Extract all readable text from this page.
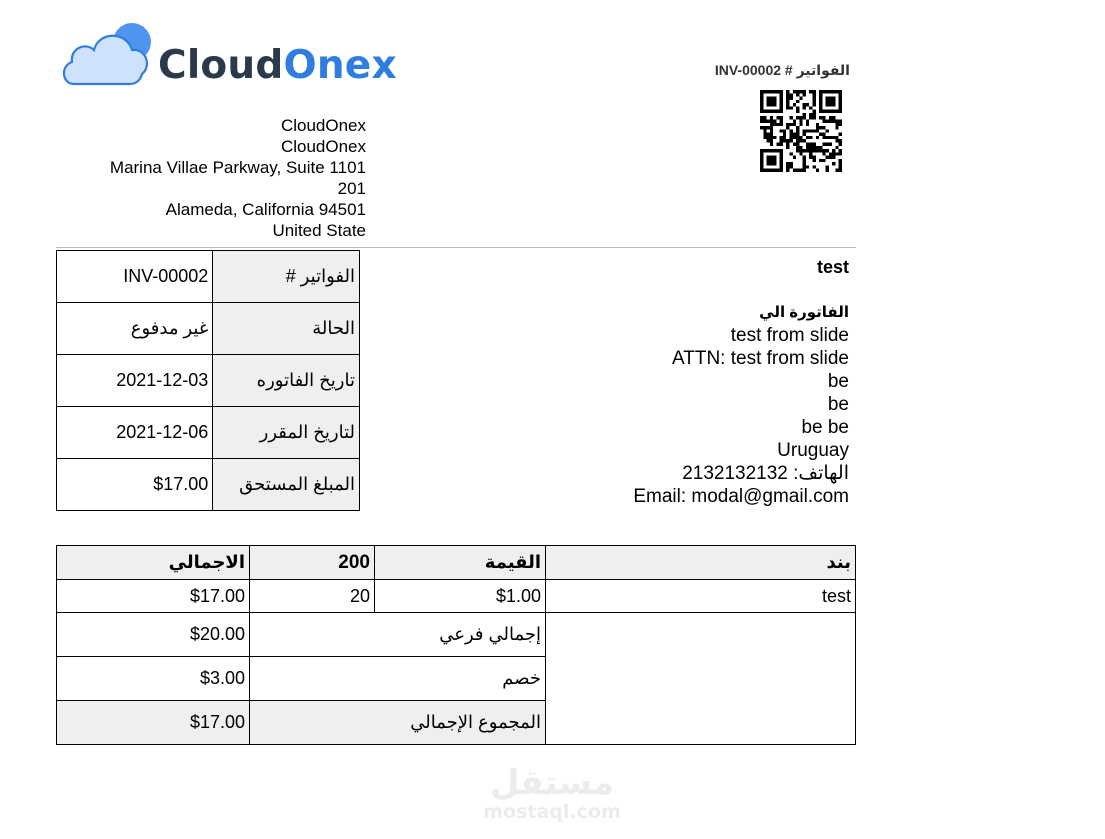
CloudOnex	الفواتير # INV-00002
CloudOnex
CloudOnex
Marina Villae Parkway, Suite 1101
201
Alameda, California 94501
United State
INV-00002	الفواتير #
غير مدفوع	الحالة
2021-12-03	تاريخ الفاتوره
2021-12-06	لتاريخ المقرر
$17.00	المبلغ المستحق
test
الفاتورة الي
test from slide
ATTN: test from slide
be
be
be be
Uruguay
الهاتف: 2132132132
Email: modal@gmail.com
الاجمالي	200	القيمة	بند
$17.00	20	$1.00	test
$20.00	إجمالي فرعي		
$3.00	خصم		
$17.00	المجموع الإجمالي		
مستقل
mostaql.com
